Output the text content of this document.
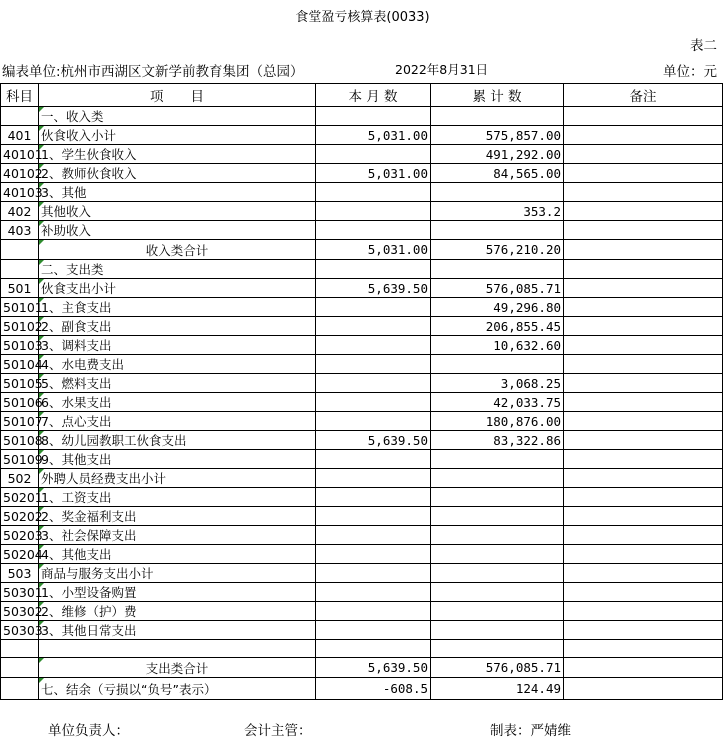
食堂盈亏核算表(0033)
表二
编表单位:杭州市西湖区文新学前教育集团（总园）	2022年8月31日	单位：元
科目	项　　目	本 月 数	累 计 数	备注

一、收入类			
401	伙食收入小计	5,031.00	575,857.00	
40101	1、学生伙食收入		491,292.00	
40102	2、教师伙食收入	5,031.00	84,565.00	
40103	3、其他			
402	其他收入		353.2	
403	补助收入			

收入类合计	5,031.00	576,210.20	

二、支出类			
501	伙食支出小计	5,639.50	576,085.71	
50101	1、主食支出		49,296.80	
50102	2、副食支出		206,855.45	
50103	3、调料支出		10,632.60	
50104	4、水电费支出			
50105	5、燃料支出		3,068.25	
50106	6、水果支出		42,033.75	
50107	7、点心支出		180,876.00	
50108	8、幼儿园教职工伙食支出	5,639.50	83,322.86	
50109	9、其他支出			
502	外聘人员经费支出小计			
50201	1、工资支出			
50202	2、奖金福利支出			
50203	3、社会保障支出			
50204	4、其他支出			
503	商品与服务支出小计			
50301	1、小型设备购置			
50302	2、维修（护）费			
50303	3、其他日常支出			

支出类合计	5,639.50	576,085.71	

七、结余（亏损以“负号”表示）	-608.5	124.49	
单位负责人：	会计主管：	制表：严婧维
